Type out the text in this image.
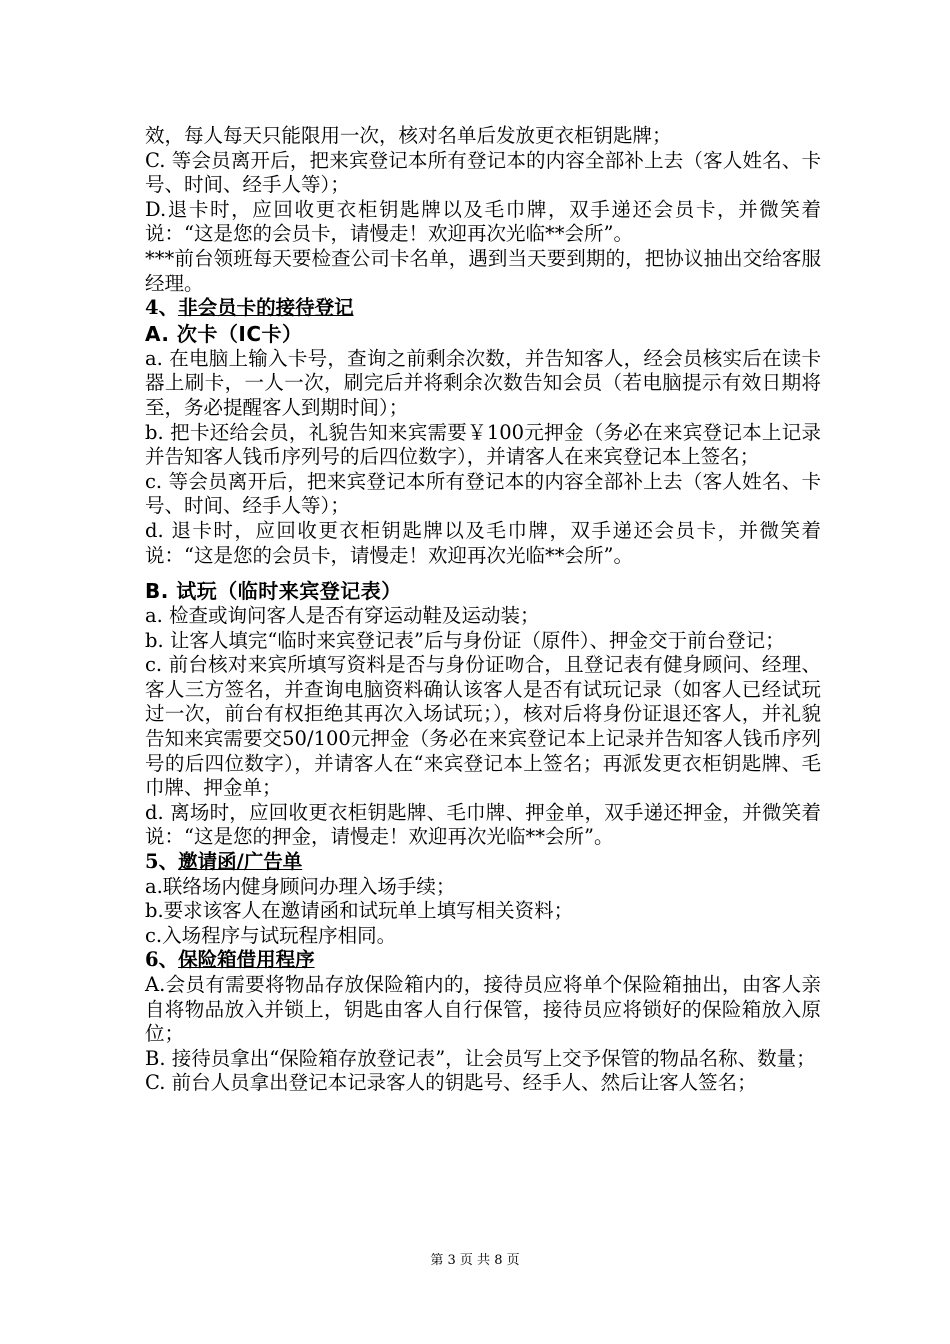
效，每人每天只能限用一次，核对名单后发放更衣柜钥匙牌；

C. 等会员离开后，把来宾登记本所有登记本的内容全部补上去（客人姓名、卡号、时间、经手人等）；

D.退卡时，应回收更衣柜钥匙牌以及毛巾牌，双手递还会员卡，并微笑着说：“这是您的会员卡，请慢走！欢迎再次光临**会所”。

***前台领班每天要检查公司卡名单，遇到当天要到期的，把协议抽出交给客服经理。

4、非会员卡的接待登记

A. 次卡（IC卡）

a. 在电脑上输入卡号，查询之前剩余次数，并告知客人，经会员核实后在读卡器上刷卡，一人一次，刷完后并将剩余次数告知会员（若电脑提示有效日期将至，务必提醒客人到期时间）；

b. 把卡还给会员，礼貌告知来宾需要￥100元押金（务必在来宾登记本上记录并告知客人钱币序列号的后四位数字），并请客人在来宾登记本上签名；

c. 等会员离开后，把来宾登记本所有登记本的内容全部补上去（客人姓名、卡号、时间、经手人等）；

d. 退卡时，应回收更衣柜钥匙牌以及毛巾牌，双手递还会员卡，并微笑着说：“这是您的会员卡，请慢走！欢迎再次光临**会所”。

B. 试玩（临时来宾登记表）

a. 检查或询问客人是否有穿运动鞋及运动装；

b. 让客人填完“临时来宾登记表”后与身份证（原件）、押金交于前台登记；

c. 前台核对来宾所填写资料是否与身份证吻合，且登记表有健身顾问、经理、客人三方签名，并查询电脑资料确认该客人是否有试玩记录（如客人已经试玩过一次，前台有权拒绝其再次入场试玩；），核对后将身份证退还客人，并礼貌告知来宾需要交50/100元押金（务必在来宾登记本上记录并告知客人钱币序列号的后四位数字），并请客人在“来宾登记本上签名；再派发更衣柜钥匙牌、毛巾牌、押金单；

d. 离场时，应回收更衣柜钥匙牌、毛巾牌、押金单，双手递还押金，并微笑着说：“这是您的押金，请慢走！欢迎再次光临**会所”。

5、邀请函/广告单

a.联络场内健身顾问办理入场手续；

b.要求该客人在邀请函和试玩单上填写相关资料；

c.入场程序与试玩程序相同。

6、保险箱借用程序

A.会员有需要将物品存放保险箱内的，接待员应将单个保险箱抽出，由客人亲自将物品放入并锁上，钥匙由客人自行保管，接待员应将锁好的保险箱放入原位；

B. 接待员拿出“保险箱存放登记表”，让会员写上交予保管的物品名称、数量；

C. 前台人员拿出登记本记录客人的钥匙号、经手人、然后让客人签名；

第 3 页 共 8 页
